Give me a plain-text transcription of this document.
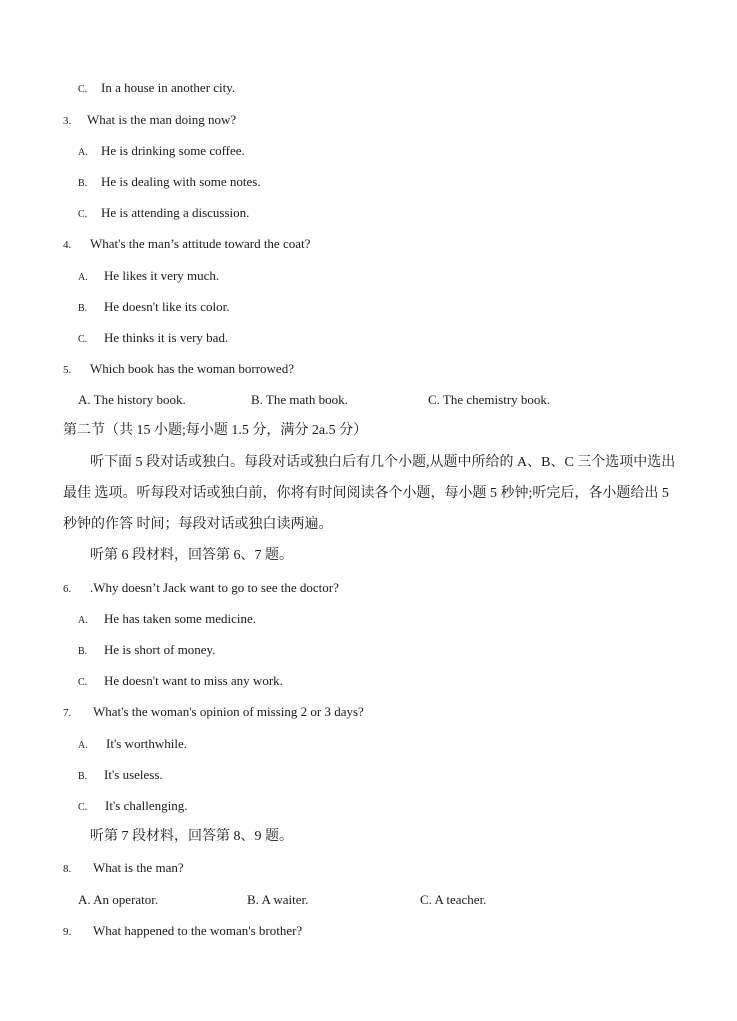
C. In a house in another city.
3. What is the man doing now?
A. He is drinking some coffee.
B. He is dealing with some notes.
C. He is attending a discussion.
4. What's the man’s attitude toward the coat?
A. He likes it very much.
B. He doesn't like its color.
C. He thinks it is very bad.
5. Which book has the woman borrowed?
A. The history book.	B. The math book.	C. The chemistry book.
第二节（共 15 小题;每小题 1.5 分，满分 2a.5 分）
听下面 5 段对话或独白。每段对话或独白后有几个小题,从题中所给的 A、B、C 三个选项中选出
最佳 选项。听每段对话或独白前，你将有时间阅读各个小题，每小题 5 秒钟;听完后，各小题给出 5
秒钟的作答 时间；每段对话或独白读两遍。
听第 6 段材料，回答第 6、7 题。
6. .Why doesn’t Jack want to go to see the doctor?
A. He has taken some medicine.
B. He is short of money.
C. He doesn't want to miss any work.
7. What's the woman's opinion of missing 2 or 3 days?
A. It's worthwhile.
B. It's useless.
C. It's challenging.
听第 7 段材料，回答第 8、9 题。
8. What is the man?
A. An operator.	B. A waiter.	C. A teacher.
9. What happened to the woman's brother?
